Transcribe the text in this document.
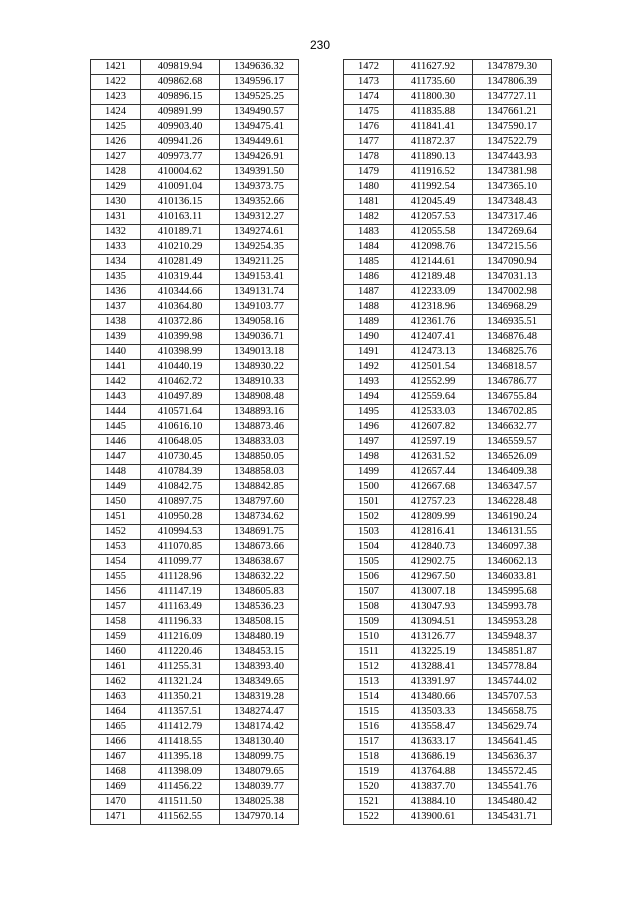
230
1421	409819.94	1349636.32
1422	409862.68	1349596.17
1423	409896.15	1349525.25
1424	409891.99	1349490.57
1425	409903.40	1349475.41
1426	409941.26	1349449.61
1427	409973.77	1349426.91
1428	410004.62	1349391.50
1429	410091.04	1349373.75
1430	410136.15	1349352.66
1431	410163.11	1349312.27
1432	410189.71	1349274.61
1433	410210.29	1349254.35
1434	410281.49	1349211.25
1435	410319.44	1349153.41
1436	410344.66	1349131.74
1437	410364.80	1349103.77
1438	410372.86	1349058.16
1439	410399.98	1349036.71
1440	410398.99	1349013.18
1441	410440.19	1348930.22
1442	410462.72	1348910.33
1443	410497.89	1348908.48
1444	410571.64	1348893.16
1445	410616.10	1348873.46
1446	410648.05	1348833.03
1447	410730.45	1348850.05
1448	410784.39	1348858.03
1449	410842.75	1348842.85
1450	410897.75	1348797.60
1451	410950.28	1348734.62
1452	410994.53	1348691.75
1453	411070.85	1348673.66
1454	411099.77	1348638.67
1455	411128.96	1348632.22
1456	411147.19	1348605.83
1457	411163.49	1348536.23
1458	411196.33	1348508.15
1459	411216.09	1348480.19
1460	411220.46	1348453.15
1461	411255.31	1348393.40
1462	411321.24	1348349.65
1463	411350.21	1348319.28
1464	411357.51	1348274.47
1465	411412.79	1348174.42
1466	411418.55	1348130.40
1467	411395.18	1348099.75
1468	411398.09	1348079.65
1469	411456.22	1348039.77
1470	411511.50	1348025.38
1471	411562.55	1347970.14
1472	411627.92	1347879.30
1473	411735.60	1347806.39
1474	411800.30	1347727.11
1475	411835.88	1347661.21
1476	411841.41	1347590.17
1477	411872.37	1347522.79
1478	411890.13	1347443.93
1479	411916.52	1347381.98
1480	411992.54	1347365.10
1481	412045.49	1347348.43
1482	412057.53	1347317.46
1483	412055.58	1347269.64
1484	412098.76	1347215.56
1485	412144.61	1347090.94
1486	412189.48	1347031.13
1487	412233.09	1347002.98
1488	412318.96	1346968.29
1489	412361.76	1346935.51
1490	412407.41	1346876.48
1491	412473.13	1346825.76
1492	412501.54	1346818.57
1493	412552.99	1346786.77
1494	412559.64	1346755.84
1495	412533.03	1346702.85
1496	412607.82	1346632.77
1497	412597.19	1346559.57
1498	412631.52	1346526.09
1499	412657.44	1346409.38
1500	412667.68	1346347.57
1501	412757.23	1346228.48
1502	412809.99	1346190.24
1503	412816.41	1346131.55
1504	412840.73	1346097.38
1505	412902.75	1346062.13
1506	412967.50	1346033.81
1507	413007.18	1345995.68
1508	413047.93	1345993.78
1509	413094.51	1345953.28
1510	413126.77	1345948.37
1511	413225.19	1345851.87
1512	413288.41	1345778.84
1513	413391.97	1345744.02
1514	413480.66	1345707.53
1515	413503.33	1345658.75
1516	413558.47	1345629.74
1517	413633.17	1345641.45
1518	413686.19	1345636.37
1519	413764.88	1345572.45
1520	413837.70	1345541.76
1521	413884.10	1345480.42
1522	413900.61	1345431.71
